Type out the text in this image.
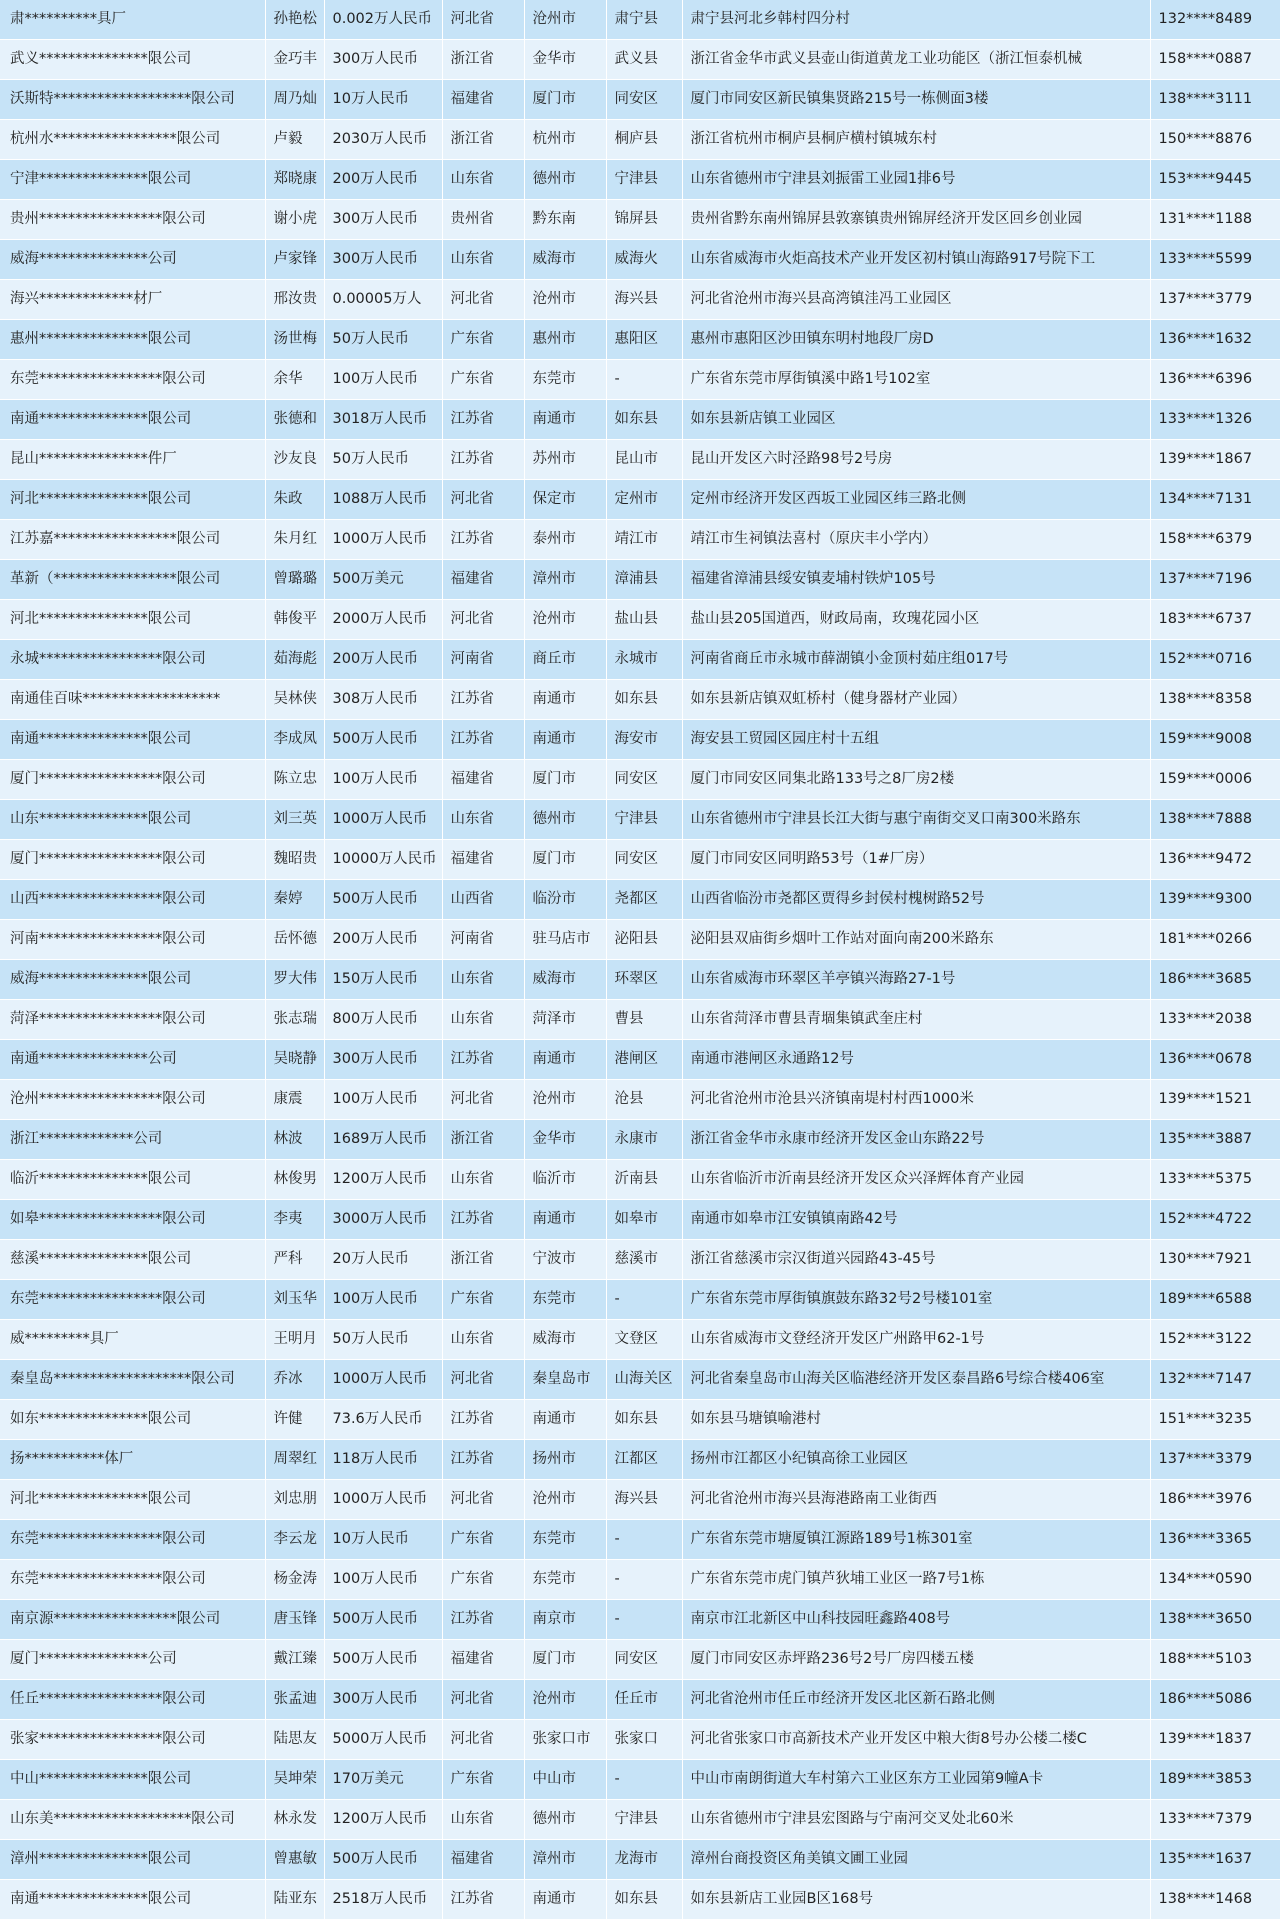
肃**********具厂	孙艳松	0.002万人民币	河北省	沧州市	肃宁县	肃宁县河北乡韩村四分村	132****8489
武义***************限公司	金巧丰	300万人民币	浙江省	金华市	武义县	浙江省金华市武义县壶山街道黄龙工业功能区（浙江恒泰机械	158****0887
沃斯特*******************限公司	周乃灿	10万人民币	福建省	厦门市	同安区	厦门市同安区新民镇集贤路215号一栋侧面3楼	138****3111
杭州水*****************限公司	卢毅	2030万人民币	浙江省	杭州市	桐庐县	浙江省杭州市桐庐县桐庐横村镇城东村	150****8876
宁津***************限公司	郑晓康	200万人民币	山东省	德州市	宁津县	山东省德州市宁津县刘振雷工业园1排6号	153****9445
贵州*****************限公司	谢小虎	300万人民币	贵州省	黔东南	锦屏县	贵州省黔东南州锦屏县敦寨镇贵州锦屏经济开发区回乡创业园	131****1188
威海***************公司	卢家锋	300万人民币	山东省	威海市	威海火	山东省威海市火炬高技术产业开发区初村镇山海路917号院下工	133****5599
海兴*************材厂	邢汝贵	0.00005万人	河北省	沧州市	海兴县	河北省沧州市海兴县高湾镇洼冯工业园区	137****3779
惠州***************限公司	汤世梅	50万人民币	广东省	惠州市	惠阳区	惠州市惠阳区沙田镇东明村地段厂房D	136****1632
东莞*****************限公司	余华	100万人民币	广东省	东莞市	-	广东省东莞市厚街镇溪中路1号102室	136****6396
南通***************限公司	张德和	3018万人民币	江苏省	南通市	如东县	如东县新店镇工业园区	133****1326
昆山***************件厂	沙友良	50万人民币	江苏省	苏州市	昆山市	昆山开发区六时泾路98号2号房	139****1867
河北***************限公司	朱政	1088万人民币	河北省	保定市	定州市	定州市经济开发区西坂工业园区纬三路北侧	134****7131
江苏嘉*****************限公司	朱月红	1000万人民币	江苏省	泰州市	靖江市	靖江市生祠镇法喜村（原庆丰小学内）	158****6379
革新（*****************限公司	曾璐璐	500万美元	福建省	漳州市	漳浦县	福建省漳浦县绥安镇麦埔村铁炉105号	137****7196
河北***************限公司	韩俊平	2000万人民币	河北省	沧州市	盐山县	盐山县205国道西，财政局南，玫瑰花园小区	183****6737
永城*****************限公司	茹海彪	200万人民币	河南省	商丘市	永城市	河南省商丘市永城市薛湖镇小金顶村茹庄组017号	152****0716
南通佳百味*******************	吴林侠	308万人民币	江苏省	南通市	如东县	如东县新店镇双虹桥村（健身器材产业园）	138****8358
南通***************限公司	李成凤	500万人民币	江苏省	南通市	海安市	海安县工贸园区园庄村十五组	159****9008
厦门*****************限公司	陈立忠	100万人民币	福建省	厦门市	同安区	厦门市同安区同集北路133号之8厂房2楼	159****0006
山东***************限公司	刘三英	1000万人民币	山东省	德州市	宁津县	山东省德州市宁津县长江大街与惠宁南街交叉口南300米路东	138****7888
厦门*****************限公司	魏昭贵	10000万人民币	福建省	厦门市	同安区	厦门市同安区同明路53号（1#厂房）	136****9472
山西*****************限公司	秦婷	500万人民币	山西省	临汾市	尧都区	山西省临汾市尧都区贾得乡封侯村槐树路52号	139****9300
河南*****************限公司	岳怀德	200万人民币	河南省	驻马店市	泌阳县	泌阳县双庙街乡烟叶工作站对面向南200米路东	181****0266
威海***************限公司	罗大伟	150万人民币	山东省	威海市	环翠区	山东省威海市环翠区羊亭镇兴海路27-1号	186****3685
菏泽*****************限公司	张志瑞	800万人民币	山东省	菏泽市	曹县	山东省菏泽市曹县青堌集镇武奎庄村	133****2038
南通***************公司	吴晓静	300万人民币	江苏省	南通市	港闸区	南通市港闸区永通路12号	136****0678
沧州*****************限公司	康震	100万人民币	河北省	沧州市	沧县	河北省沧州市沧县兴济镇南堤村村西1000米	139****1521
浙江*************公司	林波	1689万人民币	浙江省	金华市	永康市	浙江省金华市永康市经济开发区金山东路22号	135****3887
临沂***************限公司	林俊男	1200万人民币	山东省	临沂市	沂南县	山东省临沂市沂南县经济开发区众兴泽辉体育产业园	133****5375
如皋*****************限公司	李夷	3000万人民币	江苏省	南通市	如皋市	南通市如皋市江安镇镇南路42号	152****4722
慈溪***************限公司	严科	20万人民币	浙江省	宁波市	慈溪市	浙江省慈溪市宗汉街道兴园路43-45号	130****7921
东莞*****************限公司	刘玉华	100万人民币	广东省	东莞市	-	广东省东莞市厚街镇旗鼓东路32号2号楼101室	189****6588
威*********具厂	王明月	50万人民币	山东省	威海市	文登区	山东省威海市文登经济开发区广州路甲62-1号	152****3122
秦皇岛*******************限公司	乔冰	1000万人民币	河北省	秦皇岛市	山海关区	河北省秦皇岛市山海关区临港经济开发区泰昌路6号综合楼406室	132****7147
如东***************限公司	许健	73.6万人民币	江苏省	南通市	如东县	如东县马塘镇喻港村	151****3235
扬***********体厂	周翠红	118万人民币	江苏省	扬州市	江都区	扬州市江都区小纪镇高徐工业园区	137****3379
河北***************限公司	刘忠朋	1000万人民币	河北省	沧州市	海兴县	河北省沧州市海兴县海港路南工业街西	186****3976
东莞*****************限公司	李云龙	10万人民币	广东省	东莞市	-	广东省东莞市塘厦镇江源路189号1栋301室	136****3365
东莞*****************限公司	杨金涛	100万人民币	广东省	东莞市	-	广东省东莞市虎门镇芦狄埔工业区一路7号1栋	134****0590
南京源*****************限公司	唐玉锋	500万人民币	江苏省	南京市	-	南京市江北新区中山科技园旺鑫路408号	138****3650
厦门***************公司	戴江臻	500万人民币	福建省	厦门市	同安区	厦门市同安区赤坪路236号2号厂房四楼五楼	188****5103
任丘*****************限公司	张孟迪	300万人民币	河北省	沧州市	任丘市	河北省沧州市任丘市经济开发区北区新石路北侧	186****5086
张家*****************限公司	陆思友	5000万人民币	河北省	张家口市	张家口	河北省张家口市高新技术产业开发区中粮大街8号办公楼二楼C	139****1837
中山***************限公司	吴坤荣	170万美元	广东省	中山市	-	中山市南朗街道大车村第六工业区东方工业园第9幢A卡	189****3853
山东美*******************限公司	林永发	1200万人民币	山东省	德州市	宁津县	山东省德州市宁津县宏图路与宁南河交叉处北60米	133****7379
漳州***************限公司	曾惠敏	500万人民币	福建省	漳州市	龙海市	漳州台商投资区角美镇文圃工业园	135****1637
南通***************限公司	陆亚东	2518万人民币	江苏省	南通市	如东县	如东县新店工业园B区168号	138****1468
